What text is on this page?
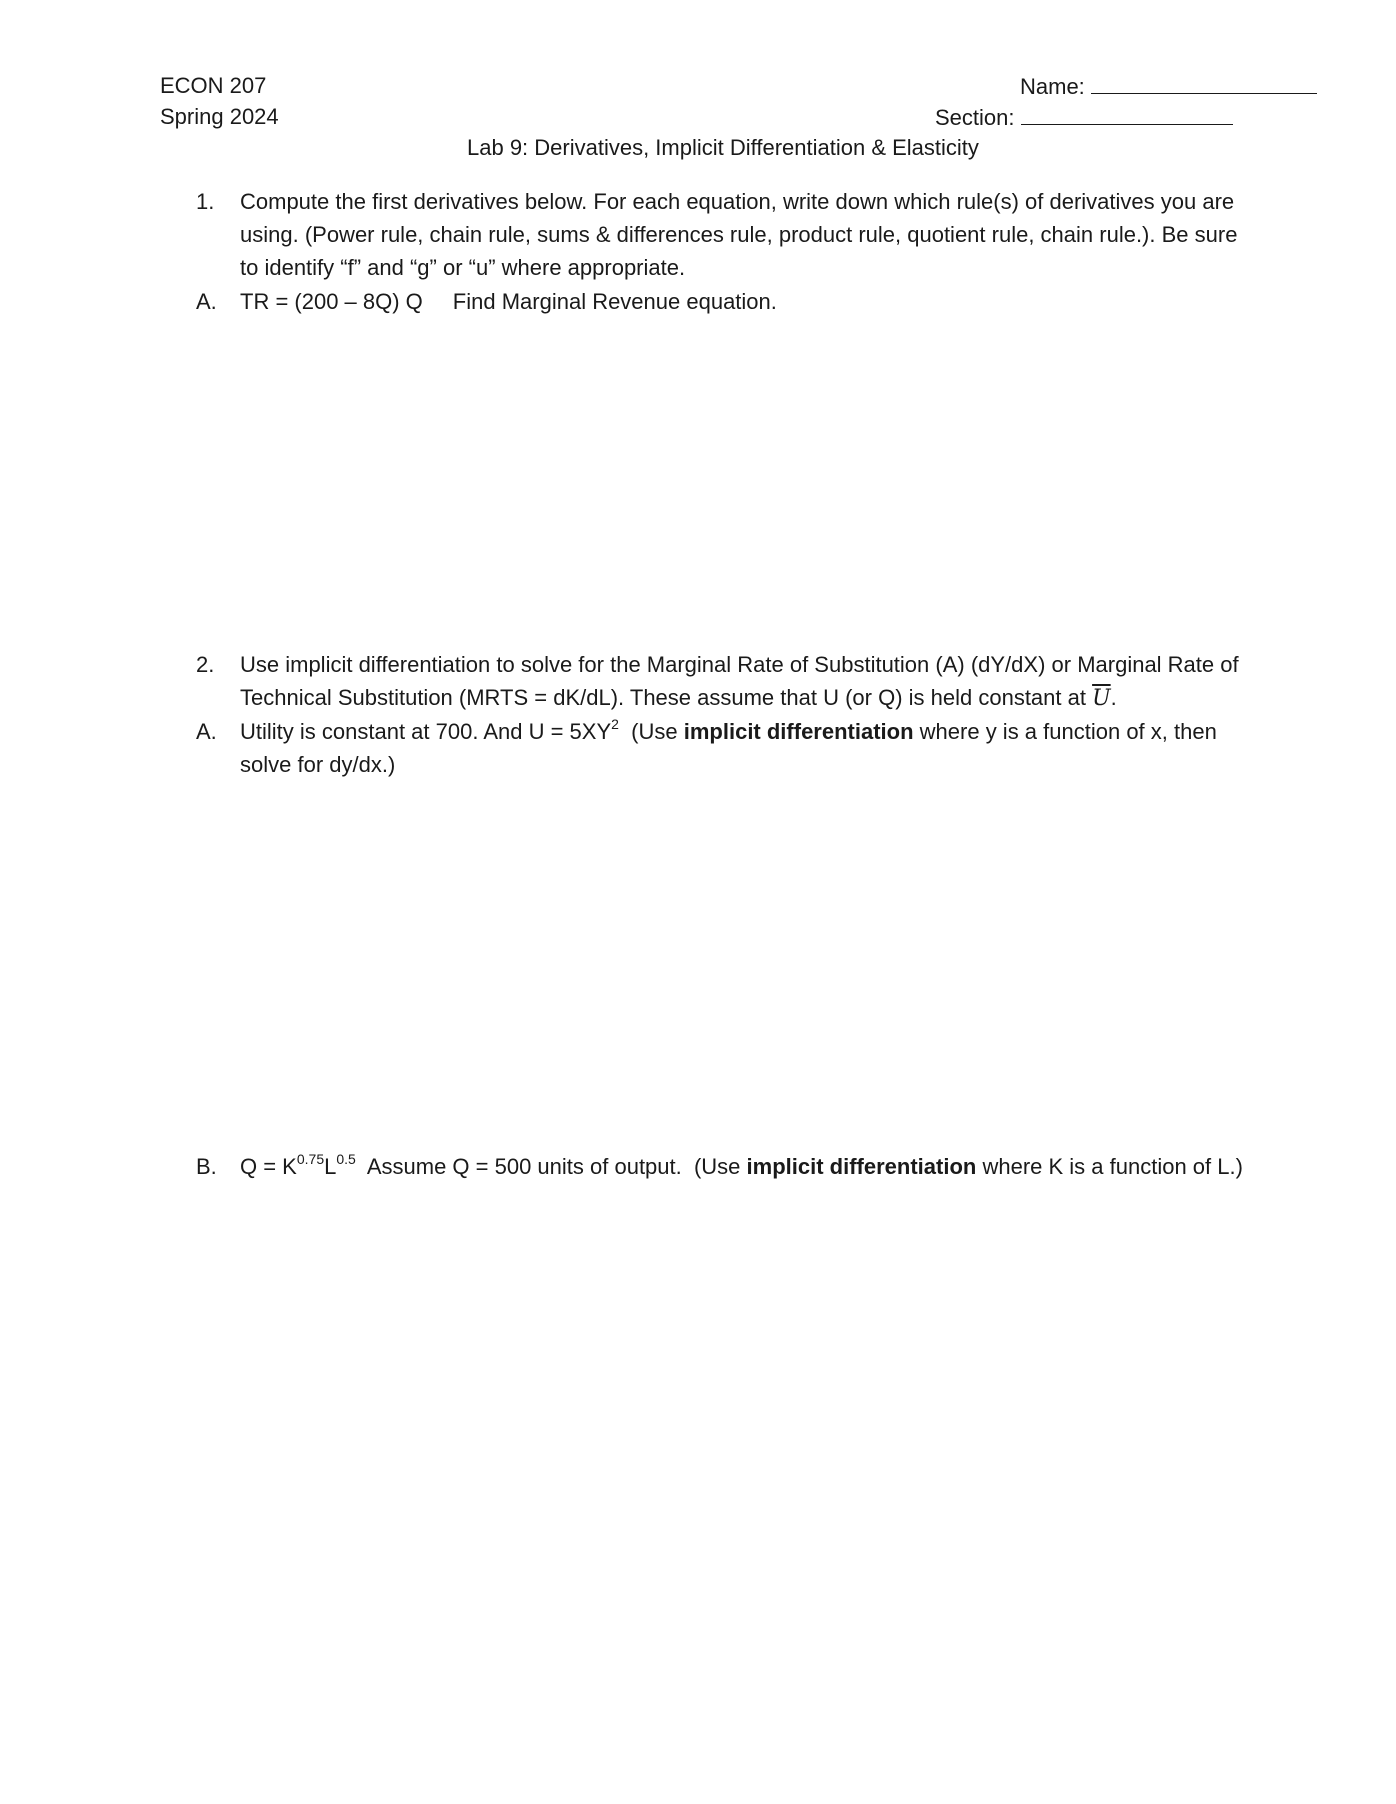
ECON 207
Spring 2024
Name:
Section:
Lab 9: Derivatives, Implicit Differentiation & Elasticity
1.	Compute the first derivatives below. For each equation, write down which rule(s) of derivatives you are
using. (Power rule, chain rule, sums & differences rule, product rule, quotient rule, chain rule.). Be sure
to identify “f” and “g” or “u” where appropriate.
A.	TR = (200 – 8Q) Q Find Marginal Revenue equation.
2.	Use implicit differentiation to solve for the Marginal Rate of Substitution (A) (dY/dX) or Marginal Rate of
Technical Substitution (MRTS = dK/dL). These assume that U (or Q) is held constant at $\overline{U}$.
A.	Utility is constant at 700. And $U = 5XY^2$  (Use implicit differentiation where y is a function of x, then
solve for dy/dx.)
B.	$Q = K^{0.75}L^{0.5}$  Assume Q = 500 units of output.  (Use implicit differentiation where K is a function of L.)
